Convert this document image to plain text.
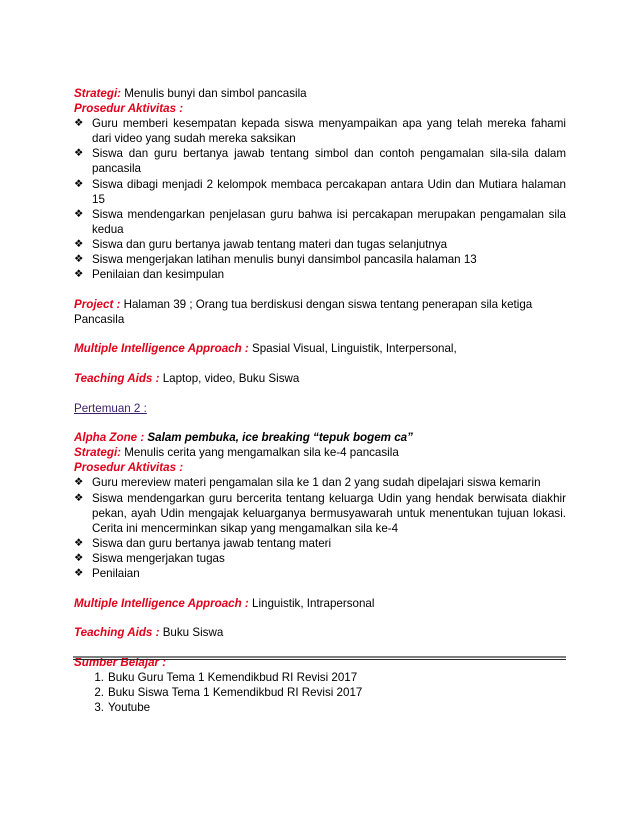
Strategi: Menulis bunyi dan simbol pancasila
Prosedur Aktivitas :
❖ Guru memberi kesempatan kepada siswa menyampaikan apa yang telah mereka fahami dari video yang sudah mereka saksikan
❖ Siswa dan guru bertanya jawab tentang simbol dan contoh pengamalan sila-sila dalam pancasila
❖ Siswa dibagi menjadi 2 kelompok membaca percakapan antara Udin dan Mutiara halaman 15
❖ Siswa mendengarkan penjelasan guru bahwa isi percakapan merupakan pengamalan sila kedua
❖ Siswa dan guru bertanya jawab tentang materi dan tugas selanjutnya
❖ Siswa mengerjakan latihan menulis bunyi dansimbol pancasila halaman 13
❖ Penilaian dan kesimpulan
Project : Halaman 39 ; Orang tua berdiskusi dengan siswa tentang penerapan sila ketiga
Pancasila
Multiple Intelligence Approach : Spasial Visual, Linguistik, Interpersonal,
Teaching Aids : Laptop, video, Buku Siswa
Pertemuan 2 :
Alpha Zone : Salam pembuka, ice breaking “tepuk bogem ca”
Strategi: Menulis cerita yang mengamalkan sila ke-4 pancasila
Prosedur Aktivitas :
❖ Guru mereview materi pengamalan sila ke 1 dan 2 yang sudah dipelajari siswa kemarin
❖ Siswa mendengarkan guru bercerita tentang keluarga Udin yang hendak berwisata diakhir pekan, ayah Udin mengajak keluarganya bermusyawarah untuk menentukan tujuan lokasi. Cerita ini mencerminkan sikap yang mengamalkan sila ke-4
❖ Siswa dan guru bertanya jawab tentang materi
❖ Siswa mengerjakan tugas
❖ Penilaian
Multiple Intelligence Approach : Linguistik, Intrapersonal
Teaching Aids : Buku Siswa
Sumber Belajar :
1. Buku Guru Tema 1 Kemendikbud RI Revisi 2017
2. Buku Siswa Tema 1 Kemendikbud RI Revisi 2017
3. Youtube
